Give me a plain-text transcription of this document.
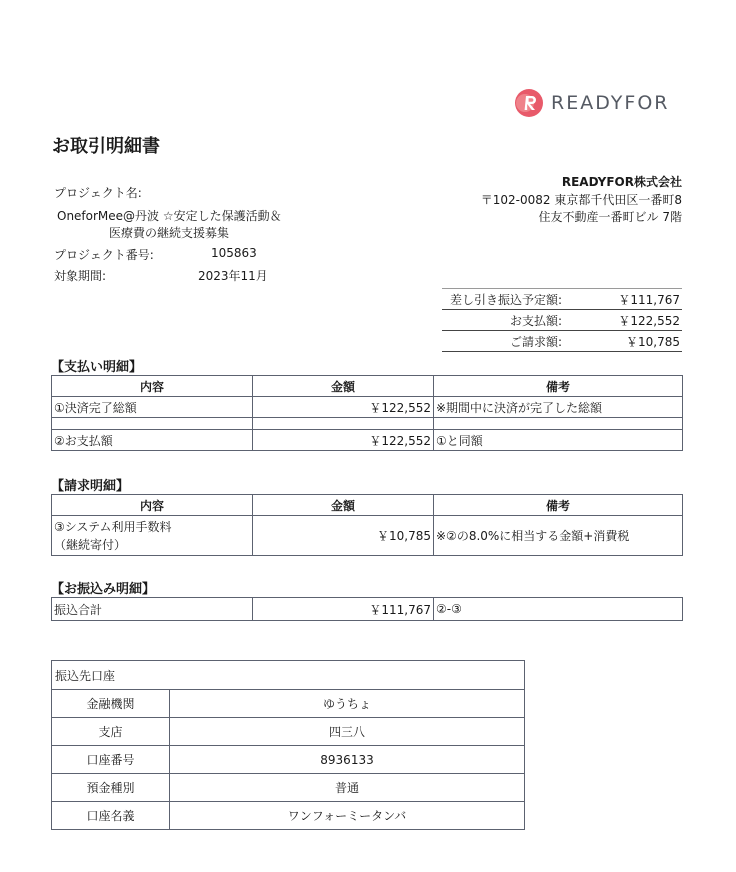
READYFOR
お取引明細書
プロジェクト名:
OneforMee@丹波 ☆安定した保護活動＆
医療費の継続支援募集
プロジェクト番号:	105863
対象期間:	2023年11月
READYFOR株式会社
〒102-0082 東京都千代田区一番町8
住友不動産一番町ビル 7階
差し引き振込予定額:	￥111,767
お支払額:	￥122,552
ご請求額:	￥10,785
【支払い明細】
内容	金額	備考
①決済完了総額	￥122,552	※期間中に決済が完了した総額

②お支払額	￥122,552	①と同額
【請求明細】
内容	金額	備考

③システム利用手数料
（継続寄付）	￥10,785	※②の8.0%に相当する金額+消費税
【お振込み明細】
振込合計	￥111,767	②-③
振込先口座	
金融機関	ゆうちょ
支店	四三八
口座番号	8936133
預金種別	普通
口座名義	ワンフォーミータンバ
